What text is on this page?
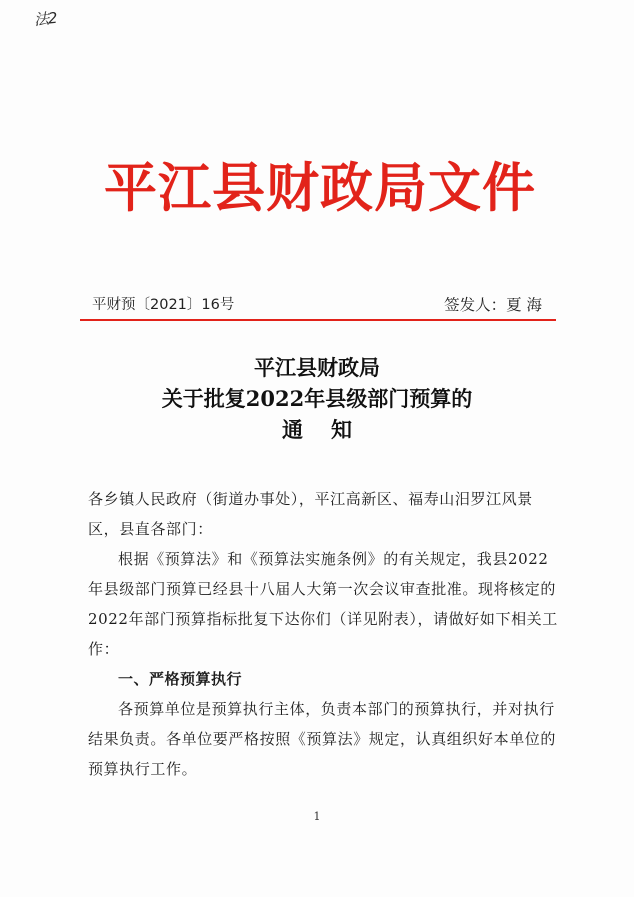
法2
平江县财政局文件
平财预〔2021〕16号	签发人：夏 海
平江县财政局
关于批复2022年县级部门预算的
通知

各乡镇人民政府（街道办事处），平江高新区、福寿山汨罗江风景区，县直各部门：

根据《预算法》和《预算法实施条例》的有关规定，我县2022年县级部门预算已经县十八届人大第一次会议审查批准。现将核定的2022年部门预算指标批复下达你们（详见附表），请做好如下相关工作：

一、严格预算执行

各预算单位是预算执行主体，负责本部门的预算执行，并对执行结果负责。各单位要严格按照《预算法》规定，认真组织好本单位的预算执行工作。

1
